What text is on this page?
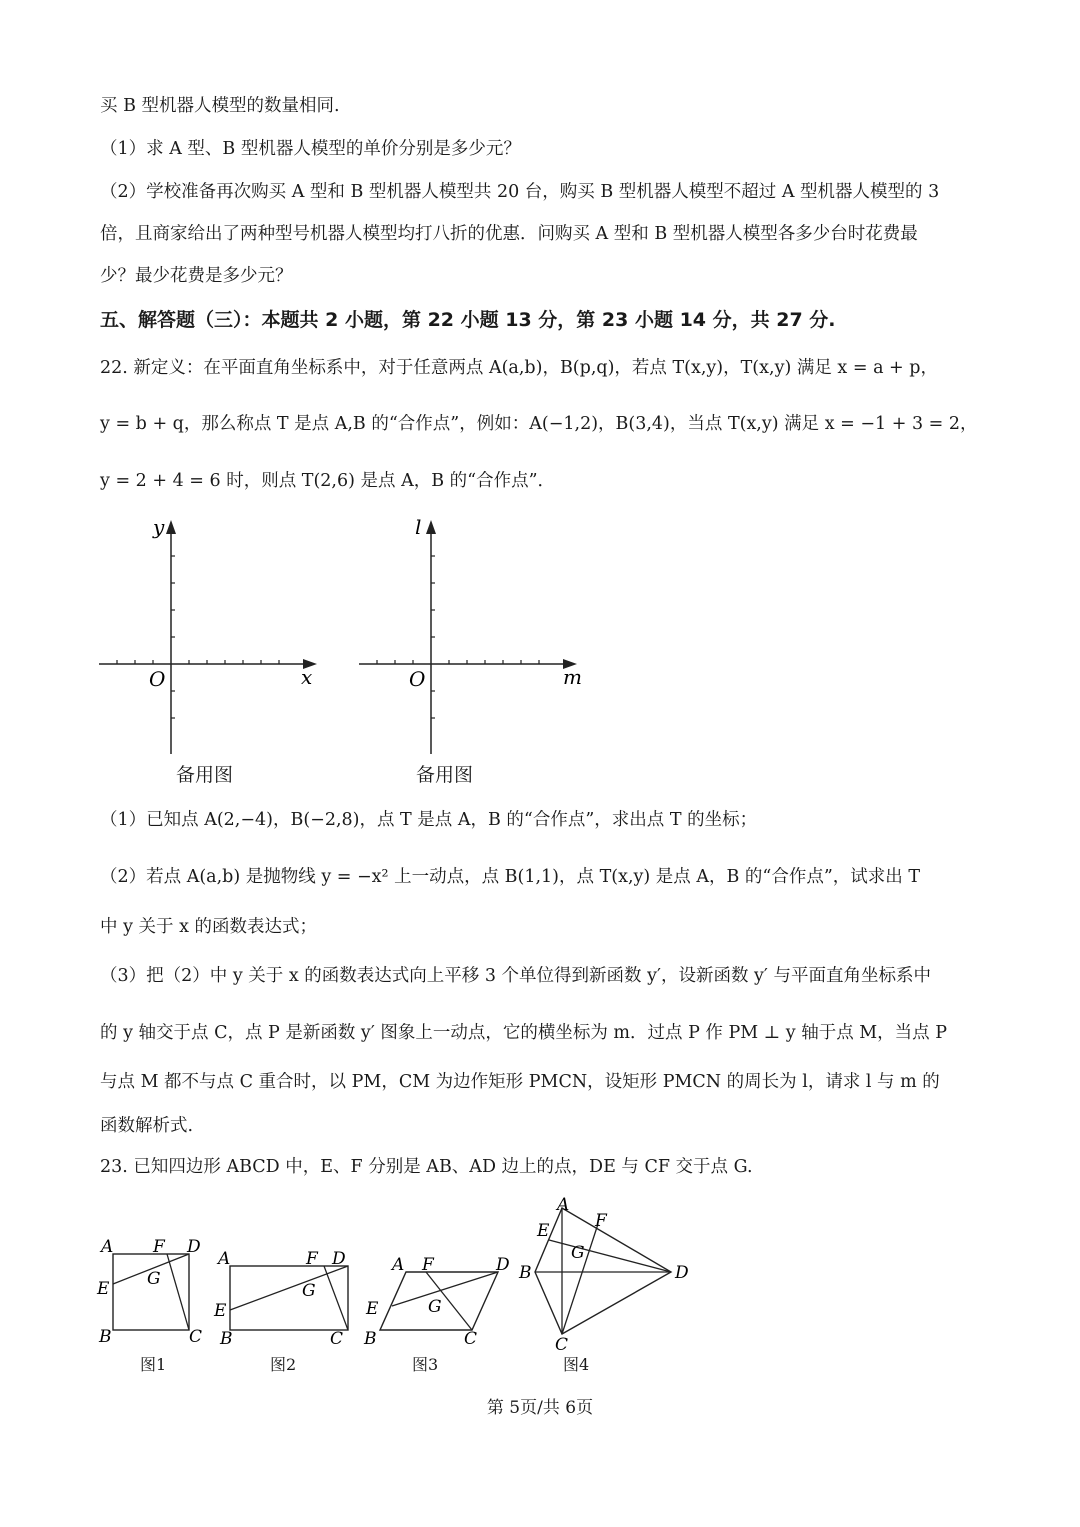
买 B 型机器人模型的数量相同.
（1）求 A 型、B 型机器人模型的单价分别是多少元？
（2）学校准备再次购买 A 型和 B 型机器人模型共 20 台，购买 B 型机器人模型不超过 A 型机器人模型的 3
倍，且商家给出了两种型号机器人模型均打八折的优惠．问购买 A 型和 B 型机器人模型各多少台时花费最
少？最少花费是多少元？
五、解答题（三）：本题共 2 小题，第 22 小题 13 分，第 23 小题 14 分，共 27 分.
22. 新定义：在平面直角坐标系中，对于任意两点 A(a,b)，B(p,q)，若点 T(x,y)，T(x,y) 满足 x = a + p，
y = b + q，那么称点 T 是点 A,B 的“合作点”，例如：A(−1,2)，B(3,4)，当点 T(x,y) 满足 x = −1 + 3 = 2，
y = 2 + 4 = 6 时，则点 T(2,6) 是点 A，B 的“合作点”．
y
x
O
备用图
l
m
O
备用图
（1）已知点 A(2,−4)，B(−2,8)，点 T 是点 A，B 的“合作点”，求出点 T 的坐标；
（2）若点 A(a,b) 是抛物线 y = −x² 上一动点，点 B(1,1)，点 T(x,y) 是点 A，B 的“合作点”，试求出 T
中 y 关于 x 的函数表达式；
（3）把（2）中 y 关于 x 的函数表达式向上平移 3 个单位得到新函数 y′，设新函数 y′ 与平面直角坐标系中
的 y 轴交于点 C，点 P 是新函数 y′ 图象上一动点，它的横坐标为 m．过点 P 作 PM ⊥ y 轴于点 M，当点 P
与点 M 都不与点 C 重合时，以 PM，CM 为边作矩形 PMCN，设矩形 PMCN 的周长为 l，请求 l 与 m 的
函数解析式.
23. 已知四边形 ABCD 中，E、F 分别是 AB、AD 边上的点，DE 与 CF 交于点 G.
A F D
E G
B	C
图1
A	F D
E
G
B	C
图2
A F	D
E	G
B	C
图3
A
F
E
G
B	D
C
图4
第 5页/共 6页
